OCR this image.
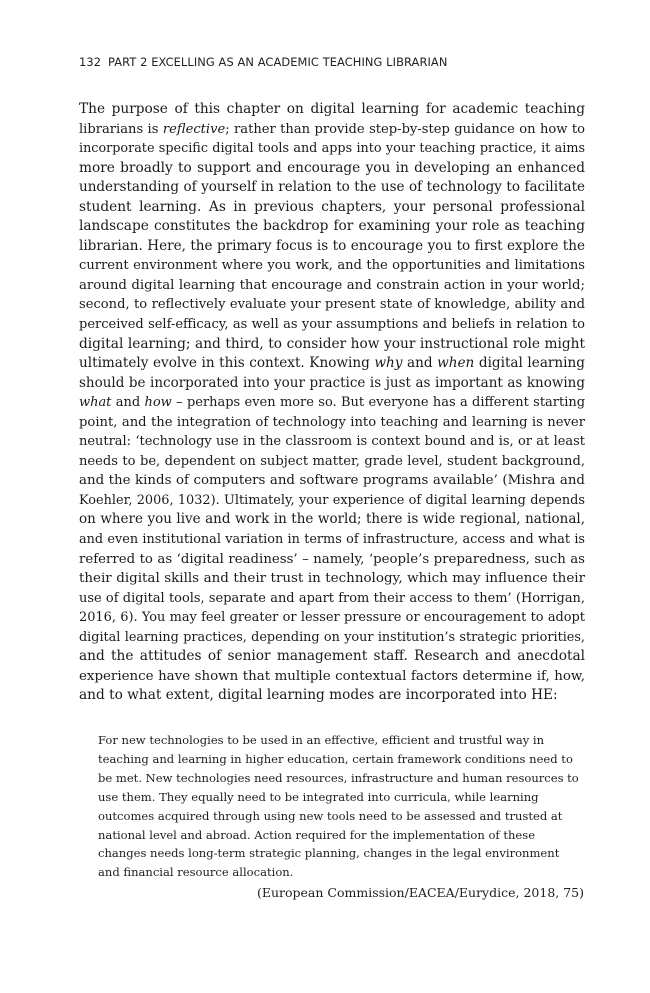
132 PART 2 EXCELLING AS AN ACADEMIC TEACHING LIBRARIAN
The purpose of this chapter on digital learning for academic teaching
librarians is reflective; rather than provide step-by-step guidance on how to
incorporate specific digital tools and apps into your teaching practice, it aims
more broadly to support and encourage you in developing an enhanced
understanding of yourself in relation to the use of technology to facilitate
student learning. As in previous chapters, your personal professional
landscape constitutes the backdrop for examining your role as teaching
librarian. Here, the primary focus is to encourage you to first explore the
current environment where you work, and the opportunities and limitations
around digital learning that encourage and constrain action in your world;
second, to reflectively evaluate your present state of knowledge, ability and
perceived self-efficacy, as well as your assumptions and beliefs in relation to
digital learning; and third, to consider how your instructional role might
ultimately evolve in this context. Knowing why and when digital learning
should be incorporated into your practice is just as important as knowing
what and how – perhaps even more so. But everyone has a different starting
point, and the integration of technology into teaching and learning is never
neutral: ‘technology use in the classroom is context bound and is, or at least
needs to be, dependent on subject matter, grade level, student background,
and the kinds of computers and software programs available’ (Mishra and
Koehler, 2006, 1032). Ultimately, your experience of digital learning depends
on where you live and work in the world; there is wide regional, national,
and even institutional variation in terms of infrastructure, access and what is
referred to as ‘digital readiness’ – namely, ‘people’s preparedness, such as
their digital skills and their trust in technology, which may influence their
use of digital tools, separate and apart from their access to them’ (Horrigan,
2016, 6). You may feel greater or lesser pressure or encouragement to adopt
digital learning practices, depending on your institution’s strategic priorities,
and the attitudes of senior management staff. Research and anecdotal
experience have shown that multiple contextual factors determine if, how,
and to what extent, digital learning modes are incorporated into HE:
For new technologies to be used in an effective, efficient and trustful way in
teaching and learning in higher education, certain framework conditions need to
be met. New technologies need resources, infrastructure and human resources to
use them. They equally need to be integrated into curricula, while learning
outcomes acquired through using new tools need to be assessed and trusted at
national level and abroad. Action required for the implementation of these
changes needs long-term strategic planning, changes in the legal environment
and financial resource allocation.
(European Commission/EACEA/Eurydice, 2018, 75)
